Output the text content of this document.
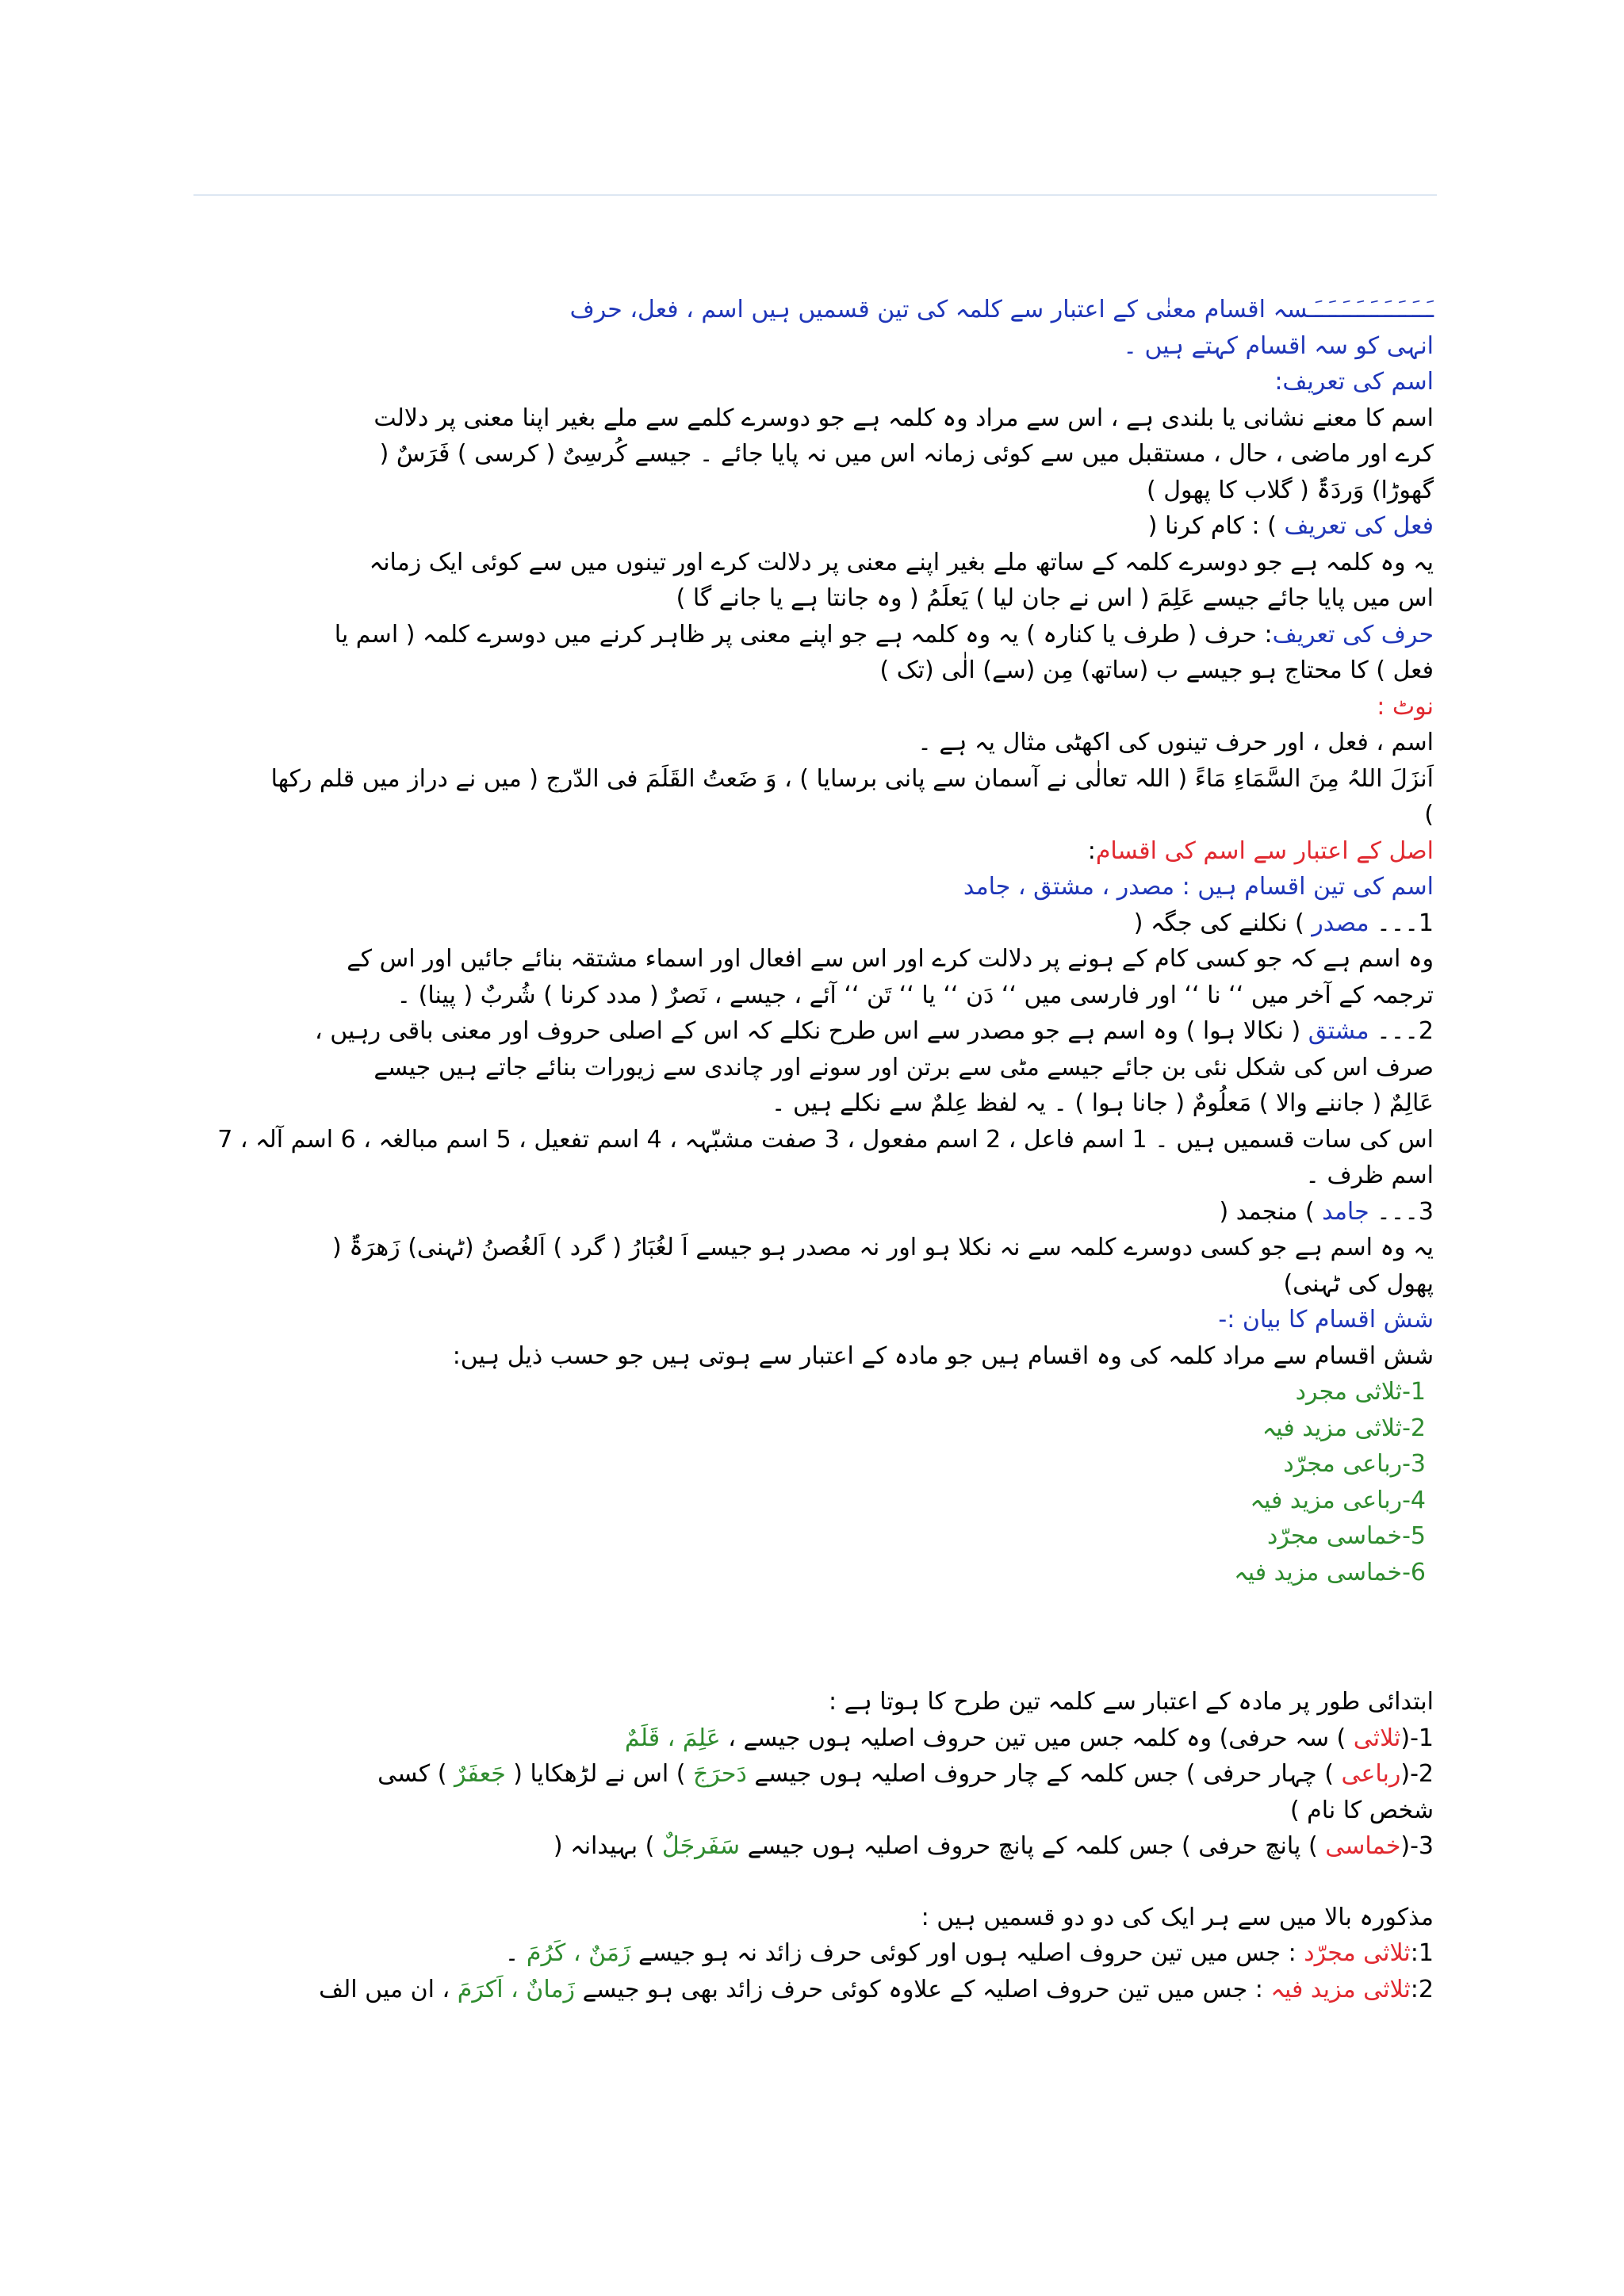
ـَــَــَــَــَــَــَــَــَـسہ اقسام معنٰی کے اعتبار سے کلمہ کی تین قسمیں ہیں اسم ، فعل، حرف
انہی کو سہ اقسام کہتے ہیں ۔
اسم کی تعریف:
اسم کا معنے نشانی یا بلندی ہے ، اس سے مراد وہ کلمہ ہے جو دوسرے کلمے سے ملے بغیر اپنا معنی پر دلالت
کرے اور ماضی ، حال ، مستقبل میں سے کوئی زمانہ اس میں نہ پایا جائے ۔ جیسے کُرسِیٌ ( کرسی ) فَرَسٌ (
گھوڑا) وَردَۃٌ ( گلاب کا پھول )
فعل کی تعریف ) : کام کرنا (
یہ وہ کلمہ ہے جو دوسرے کلمہ کے ساتھ ملے بغیر اپنے معنی پر دلالت کرے اور تینوں میں سے کوئی ایک زمانہ
اس میں پایا جائے جیسے عَلِمَ ( اس نے جان لیا ) یَعلَمُ ( وہ جانتا ہے یا جانے گا )
حرف کی تعریف: حرف ( طرف یا کنارہ ) یہ وہ کلمہ ہے جو اپنے معنی پر ظاہر کرنے میں دوسرے کلمہ ( اسم یا
فعل ) کا محتاج ہو جیسے ب (ساتھ) مِن (سے) الٰی (تک )
نوٹ :
اسم ، فعل ، اور حرف تینوں کی اکھٹی مثال یہ ہے ۔
اَنزَلَ اللہُ مِنَ السَّمَاءِ مَاءً ( اللہ تعالٰی نے آسمان سے پانی برسایا ) ، وَ ضَعتُ القَلَمَ فی الدّرج ( میں نے دراز میں قلم رکھا
)
اصل کے اعتبار سے اسم کی اقسام:
اسم کی تین اقسام ہیں : مصدر ، مشتق ، جامد
1۔۔۔ مصدر ) نکلنے کی جگہ (
وہ اسم ہے کہ جو کسی کام کے ہونے پر دلالت کرے اور اس سے افعال اور اسماء مشتقہ بنائے جائیں اور اس کے
ترجمہ کے آخر میں ‘‘ نا ‘‘ اور فارسی میں ‘‘ دَن ‘‘ یا ‘‘ تَن ‘‘ آئے ، جیسے ، نَصرٌ ( مدد کرنا ) شُربٌ ( پینا) ۔
2۔۔۔ مشتق ( نکالا ہوا ) وہ اسم ہے جو مصدر سے اس طرح نکلے کہ اس کے اصلی حروف اور معنی باقی رہیں ،
صرف اس کی شکل نئی بن جائے جیسے مٹی سے برتن اور سونے اور چاندی سے زیورات بنائے جاتے ہیں جیسے
عَالِمٌ ( جاننے والا ) مَعلُومٌ ( جانا ہوا ) ۔ یہ لفظ عِلمٌ سے نکلے ہیں ۔
اس کی سات قسمیں ہیں ۔ 1 اسم فاعل ، 2 اسم مفعول ، 3 صفت مشبّہہ ، 4 اسم تفعیل ، 5 اسم مبالغہ ، 6 اسم آلہ ، 7
اسم ظرف ۔
3۔۔۔ جامد ) منجمد (
یہ وہ اسم ہے جو کسی دوسرے کلمہ سے نہ نکلا ہو اور نہ مصدر ہو جیسے اَ لغُبَارُ ( گرد ) اَلغُصنُ (ٹہنی) زَھرَۃٌ (
پھول کی ٹہنی)
شش اقسام کا بیان :-
شش اقسام سے مراد کلمہ کی وہ اقسام ہیں جو مادہ کے اعتبار سے ہوتی ہیں جو حسب ذیل ہیں:
1-ثلاثی مجرد
2-ثلاثی مزید فیہ
3-رباعی مجرّد
4-رباعی مزید فیہ
5-خماسی مجرّد
6-خماسی مزید فیہ
ابتدائی طور پر مادہ کے اعتبار سے کلمہ تین طرح کا ہوتا ہے :
1-(ثلاثی ) سہ حرفی) وہ کلمہ جس میں تین حروف اصلیہ ہوں جیسے ، عَلِمَ ، قَلَمٌ
2-(رباعی ) چہار حرفی ) جس کلمہ کے چار حروف اصلیہ ہوں جیسے دَحرَجَ ) اس نے لڑھکایا ( جَعفَرٌ ) کسی
شخص کا نام )
3-(خماسی ) پانچ حرفی ) جس کلمہ کے پانچ حروف اصلیہ ہوں جیسے سَفَرجَلٌ ) بہیدانہ (
مذکورہ بالا میں سے ہر ایک کی دو دو قسمیں ہیں :
1:ثلاثی مجرّد : جس میں تین حروف اصلیہ ہوں اور کوئی حرف زائد نہ ہو جیسے زَمَنٌ ، کَرُمَ ۔
2:ثلاثی مزید فیہ : جس میں تین حروف اصلیہ کے علاوہ کوئی حرف زائد بھی ہو جیسے زَمانٌ ، اَکرَمَ ، ان میں الف
